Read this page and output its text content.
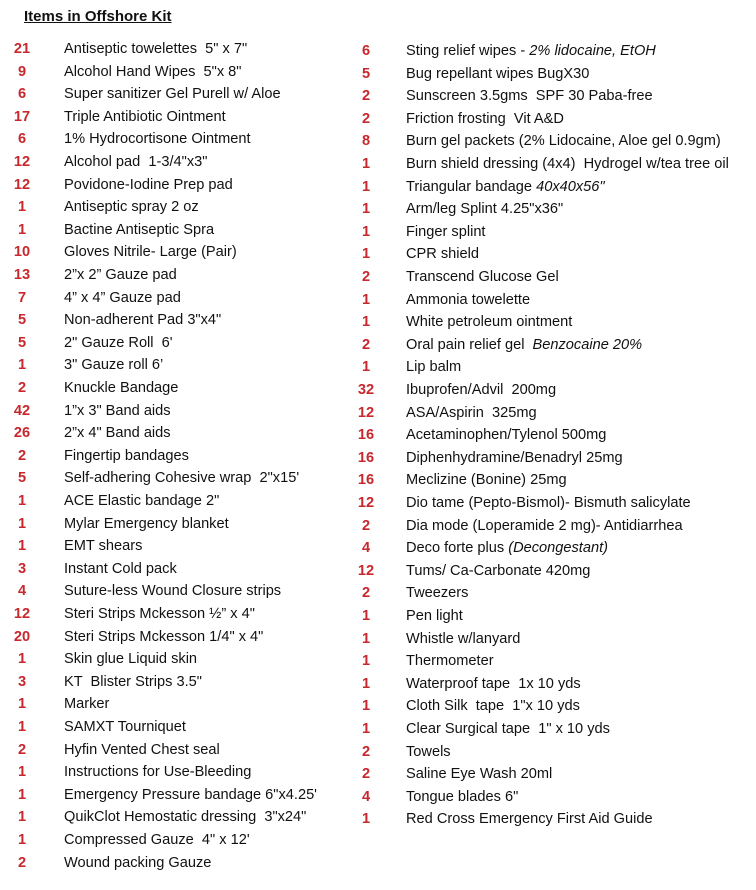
Items in Offshore Kit
21 Antiseptic towelettes  5" x 7"
9	Alcohol Hand Wipes  5"x 8"
6	Super sanitizer Gel Purell w/ Aloe
17 Triple Antibiotic Ointment
6	1% Hydrocortisone Ointment
12 Alcohol pad  1-3/4"x3"
12 Povidone-Iodine Prep pad
1	Antiseptic spray 2 oz
1	Bactine Antiseptic Spra
10 Gloves Nitrile- Large (Pair)
13 2”x 2” Gauze pad
7	4” x 4” Gauze pad
5	Non-adherent Pad 3"x4"
5	2" Gauze Roll  6'
1	3" Gauze roll 6’
2	Knuckle Bandage
42 1”x 3" Band aids
26 2”x 4" Band aids
2	Fingertip bandages
5	Self-adhering Cohesive wrap  2"x15'
1	ACE Elastic bandage 2"
1	Mylar Emergency blanket
1	EMT shears
3	Instant Cold pack
4	Suture-less Wound Closure strips
12 Steri Strips Mckesson ½” x 4"
20 Steri Strips Mckesson 1/4" x 4"
1	Skin glue Liquid skin
3	KT  Blister Strips 3.5"
1	Marker
1	SAMXT Tourniquet
2	Hyfin Vented Chest seal
1	Instructions for Use-Bleeding
1	Emergency Pressure bandage 6"x4.25'
1	QuikClot Hemostatic dressing  3"x24"
1	Compressed Gauze  4" x 12'
2	Wound packing Gauze
6	Sting relief wipes - 2% lidocaine, EtOH
5	Bug repellant wipes BugX30
2	Sunscreen 3.5gms  SPF 30 Paba-free
2	Friction frosting  Vit A&D
8	Burn gel packets (2% Lidocaine, Aloe gel 0.9gm)
1	Burn shield dressing (4x4)  Hydrogel w/tea tree oil
1	Triangular bandage 40x40x56"
1	Arm/leg Splint 4.25"x36"
1	Finger splint
1	CPR shield
2	Transcend Glucose Gel
1	Ammonia towelette
1	White petroleum ointment
2	Oral pain relief gel  Benzocaine 20%
1	Lip balm
32 Ibuprofen/Advil  200mg
12 ASA/Aspirin  325mg
16 Acetaminophen/Tylenol 500mg
16 Diphenhydramine/Benadryl 25mg
16 Meclizine (Bonine) 25mg
12 Dio tame (Pepto-Bismol)- Bismuth salicylate
2	Dia mode (Loperamide 2 mg)- Antidiarrhea
4	Deco forte plus (Decongestant)
12 Tums/ Ca-Carbonate 420mg
2	Tweezers
1	Pen light
1	Whistle w/lanyard
1	Thermometer
1	Waterproof tape  1x 10 yds
1	Cloth Silk  tape  1"x 10 yds
1	Clear Surgical tape  1" x 10 yds
2	Towels
2	Saline Eye Wash 20ml
4	Tongue blades 6"
1	Red Cross Emergency First Aid Guide
